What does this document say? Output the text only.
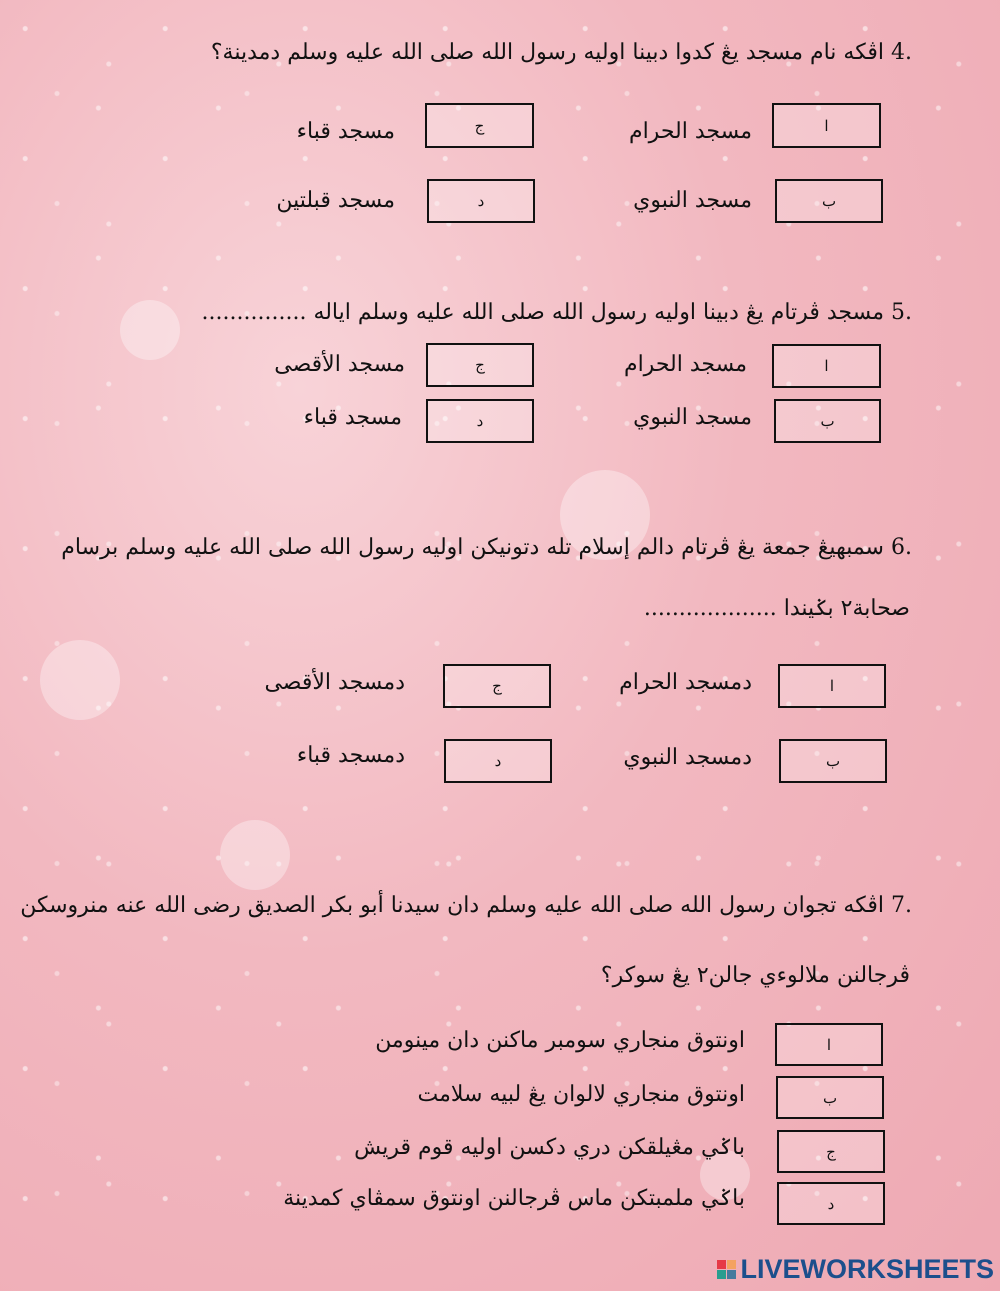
4. اڤكه نام مسجد يڠ كدوا دبينا اوليه رسول الله صلى الله عليه وسلم دمدينة؟
ا
مسجد الحرام
ب
مسجد النبوي
ج
مسجد قباء
د
مسجد قبلتين
5. مسجد ڤرتام يڠ دبينا اوليه رسول الله صلى الله عليه وسلم اياله ...............
ا
مسجد الحرام
ب
مسجد النبوي
ج
مسجد الأقصى
د
مسجد قباء
6. سمبهيڠ جمعة يڠ ڤرتام دالم إسلام تله دتونيكن اوليه رسول الله صلى الله عليه وسلم برسام
صحابة٢ بݢيندا ...................
ا
دمسجد الحرام
ب
دمسجد النبوي
ج
دمسجد الأقصى
د
دمسجد قباء
7. اڤكه تجوان رسول الله صلى الله عليه وسلم دان سيدنا أبو بكر الصديق رضى الله عنه منروسكن
ڤرجالنن ملالوءي جالن٢ يڠ سوكر؟
ا
اونتوق منجاري سومبر ماكنن دان مينومن
ب
اونتوق منجاري لالوان يڠ لبيه سلامت
ج
باݢي مڠيلقكن دري دكسن اوليه قوم قريش
د
باݢي ملمبتكن ماس ڤرجالنن اونتوق سمڤاي كمدينة
LIVEWORKSHEETS
